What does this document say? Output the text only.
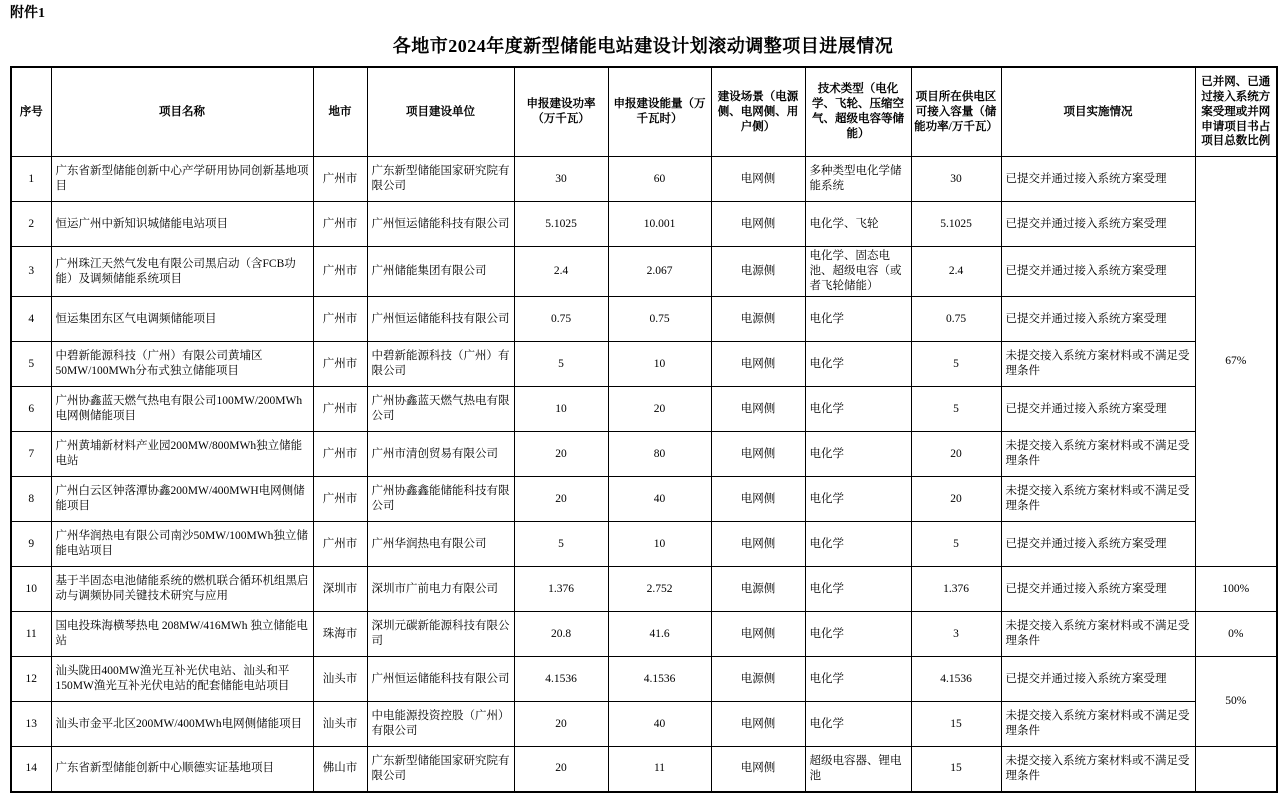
附件1
各地市2024年度新型储能电站建设计划滚动调整项目进展情况
序号	项目名称	地市	项目建设单位	申报建设功率（万千瓦）	申报建设能量（万千瓦时）	建设场景（电源侧、电网侧、用户侧）	技术类型（电化学、飞轮、压缩空气、超级电容等储能）	项目所在供电区可接入容量（储能功率/万千瓦）	项目实施情况	已并网、已通过接入系统方案受理或并网申请项目书占项目总数比例
1	广东省新型储能创新中心产学研用协同创新基地项目	广州市	广东新型储能国家研究院有限公司	30	60	电网侧	多种类型电化学储能系统	30	已提交并通过接入系统方案受理	67%
2	恒运广州中新知识城储能电站项目	广州市	广州恒运储能科技有限公司	5.1025	10.001	电网侧	电化学、飞轮	5.1025	已提交并通过接入系统方案受理	
3	广州珠江天然气发电有限公司黑启动（含FCB功能）及调频储能系统项目	广州市	广州储能集团有限公司	2.4	2.067	电源侧	电化学、固态电池、超级电容（或者飞轮储能）	2.4	已提交并通过接入系统方案受理	
4	恒运集团东区气电调频储能项目	广州市	广州恒运储能科技有限公司	0.75	0.75	电源侧	电化学	0.75	已提交并通过接入系统方案受理	
5	中碧新能源科技（广州）有限公司黄埔区50MW/100MWh分布式独立储能项目	广州市	中碧新能源科技（广州）有限公司	5	10	电网侧	电化学	5	未提交接入系统方案材料或不满足受理条件	
6	广州协鑫蓝天燃气热电有限公司100MW/200MWh电网侧储能项目	广州市	广州协鑫蓝天燃气热电有限公司	10	20	电网侧	电化学	5	已提交并通过接入系统方案受理	
7	广州黄埔新材料产业园200MW/800MWh独立储能电站	广州市	广州市清创贸易有限公司	20	80	电网侧	电化学	20	未提交接入系统方案材料或不满足受理条件	
8	广州白云区钟落潭协鑫200MW/400MWH电网侧储能项目	广州市	广州协鑫鑫能储能科技有限公司	20	40	电网侧	电化学	20	未提交接入系统方案材料或不满足受理条件	
9	广州华润热电有限公司南沙50MW/100MWh独立储能电站项目	广州市	广州华润热电有限公司	5	10	电网侧	电化学	5	已提交并通过接入系统方案受理	
10	基于半固态电池储能系统的燃机联合循环机组黑启动与调频协同关键技术研究与应用	深圳市	深圳市广前电力有限公司	1.376	2.752	电源侧	电化学	1.376	已提交并通过接入系统方案受理	100%
11	国电投珠海横琴热电 208MW/416MWh 独立储能电站	珠海市	深圳元碳新能源科技有限公司	20.8	41.6	电网侧	电化学	3	未提交接入系统方案材料或不满足受理条件	0%
12	汕头陇田400MW渔光互补光伏电站、汕头和平150MW渔光互补光伏电站的配套储能电站项目	汕头市	广州恒运储能科技有限公司	4.1536	4.1536	电源侧	电化学	4.1536	已提交并通过接入系统方案受理	50%
13	汕头市金平北区200MW/400MWh电网侧储能项目	汕头市	中电能源投资控股（广州）有限公司	20	40	电网侧	电化学	15	未提交接入系统方案材料或不满足受理条件	
14	广东省新型储能创新中心顺德实证基地项目	佛山市	广东新型储能国家研究院有限公司	20	11	电网侧	超级电容器、锂电池	15	未提交接入系统方案材料或不满足受理条件	
